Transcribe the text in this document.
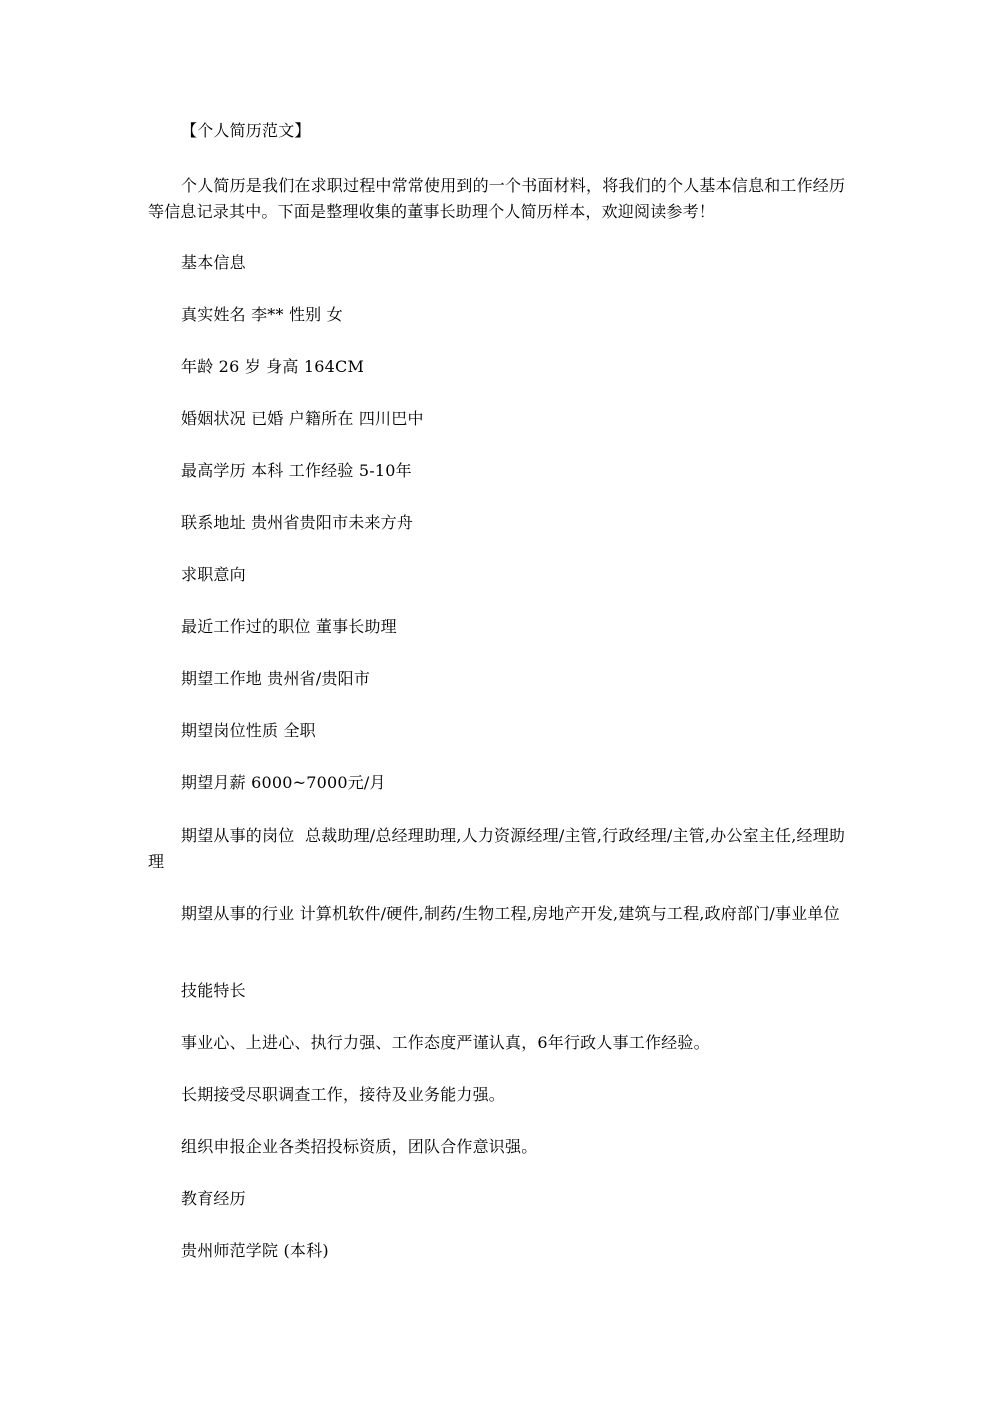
【个人简历范文】
个人简历是我们在求职过程中常常使用到的一个书面材料，将我们的个人基本信息和工作经历等信息记录其中。下面是整理收集的董事长助理个人简历样本，欢迎阅读参考！
基本信息
真实姓名 李** 性别 女
年龄 26 岁 身高 164CM
婚姻状况 已婚 户籍所在 四川巴中
最高学历 本科 工作经验 5-10年
联系地址 贵州省贵阳市未来方舟
求职意向
最近工作过的职位 董事长助理
期望工作地 贵州省/贵阳市
期望岗位性质 全职
期望月薪 6000~7000元/月
期望从事的岗位  总裁助理/总经理助理,人力资源经理/主管,行政经理/主管,办公室主任,经理助理
期望从事的行业 计算机软件/硬件,制药/生物工程,房地产开发,建筑与工程,政府部门/事业单位
技能特长
事业心、上进心、执行力强、工作态度严谨认真，6年行政人事工作经验。
长期接受尽职调查工作，接待及业务能力强。
组织申报企业各类招投标资质，团队合作意识强。
教育经历
贵州师范学院 (本科)
